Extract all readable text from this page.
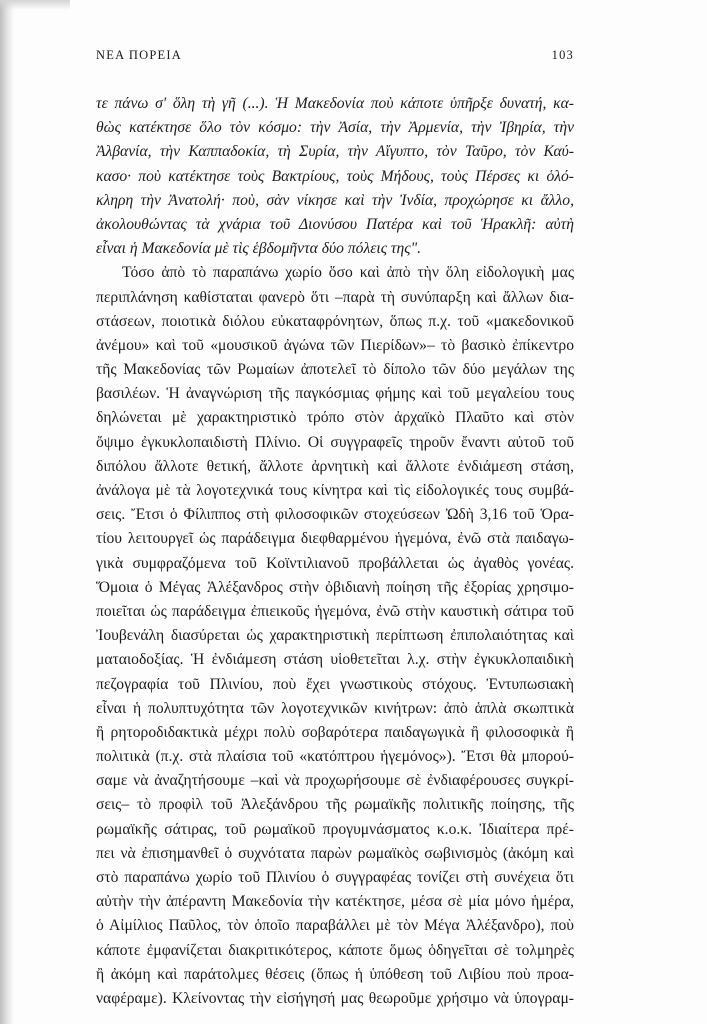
ΝΕΑ ΠΟΡΕΙΑ	103
τε πάνω σ' ὅλη τὴ γῆ (...). Ἡ Μακεδονία ποὺ κάποτε ὑπῆρξε δυνατή, κα-
θὼς κατέκτησε ὅλο τὸν κόσμο: τὴν Ἀσία, τὴν Ἀρμενία, τὴν Ἰβηρία, τὴν
Ἀλβανία, τὴν Καππαδοκία, τὴ Συρία, τὴν Αἴγυπτο, τὸν Ταῦρο, τὸν Καύ-
κασο· ποὺ κατέκτησε τοὺς Βακτρίους, τοὺς Μήδους, τοὺς Πέρσες κι ὁλό-
κληρη τὴν Ἀνατολή· ποὺ, σὰν νίκησε καὶ τὴν Ἰνδία, προχώρησε κι ἄλλο,
ἀκολουθώντας τὰ χνάρια τοῦ Διονύσου Πατέρα καὶ τοῦ Ἡρακλῆ: αὐτὴ
εἶναι ἡ Μακεδονία μὲ τὶς ἑβδομῆντα δύο πόλεις της".
Τόσο ἀπὸ τὸ παραπάνω χωρίο ὅσο καὶ ἀπὸ τὴν ὅλη εἰδολογικὴ μας
περιπλάνηση καθίσταται φανερὸ ὅτι –παρὰ τὴ συνύπαρξη καὶ ἄλλων δια-
στάσεων, ποιοτικὰ διόλου εὐκαταφρόνητων, ὅπως π.χ. τοῦ «μακεδονικοῦ
ἀνέμου» καὶ τοῦ «μουσικοῦ ἀγώνα τῶν Πιερίδων»– τὸ βασικὸ ἐπίκεντρο
τῆς Μακεδονίας τῶν Ρωμαίων ἀποτελεῖ τὸ δίπολο τῶν δύο μεγάλων της
βασιλέων. Ἡ ἀναγνώριση τῆς παγκόσμιας φήμης καὶ τοῦ μεγαλείου τους
δηλώνεται μὲ χαρακτηριστικὸ τρόπο στὸν ἀρχαϊκὸ Πλαῦτο καὶ στὸν
ὄψιμο ἐγκυκλοπαιδιστὴ Πλίνιο. Οἱ συγγραφεῖς τηροῦν ἔναντι αὐτοῦ τοῦ
διπόλου ἄλλοτε θετική, ἄλλοτε ἀρνητικὴ καὶ ἄλλοτε ἐνδιάμεση στάση,
ἀνάλογα μὲ τὰ λογοτεχνικά τους κίνητρα καὶ τὶς εἰδολογικές τους συμβά-
σεις. Ἔτσι ὁ Φίλιππος στὴ φιλοσοφικῶν στοχεύσεων Ὠδὴ 3,16 τοῦ Ὁρα-
τίου λειτουργεῖ ὡς παράδειγμα διεφθαρμένου ἡγεμόνα, ἐνῶ στὰ παιδαγω-
γικὰ συμφραζόμενα τοῦ Κοϊντιλιανοῦ προβάλλεται ὡς ἀγαθὸς γονέας.
Ὅμοια ὁ Μέγας Ἀλέξανδρος στὴν ὀβιδιανὴ ποίηση τῆς ἐξορίας χρησιμο-
ποιεῖται ὡς παράδειγμα ἐπιεικοῦς ἡγεμόνα, ἐνῶ στὴν καυστικὴ σάτιρα τοῦ
Ἰουβενάλη διασύρεται ὡς χαρακτηριστικὴ περίπτωση ἐπιπολαιότητας καὶ
ματαιοδοξίας. Ἡ ἐνδιάμεση στάση υἱοθετεῖται λ.χ. στὴν ἐγκυκλοπαιδικὴ
πεζογραφία τοῦ Πλινίου, ποὺ ἔχει γνωστικοὺς στόχους. Ἐντυπωσιακὴ
εἶναι ἡ πολυπτυχότητα τῶν λογοτεχνικῶν κινήτρων: ἀπὸ ἁπλὰ σκωπτικὰ
ἢ ρητοροδιδακτικὰ μέχρι πολὺ σοβαρότερα παιδαγωγικὰ ἢ φιλοσοφικὰ ἢ
πολιτικὰ (π.χ. στὰ πλαίσια τοῦ «κατόπτρου ἡγεμόνος»). Ἔτσι θὰ μπορού-
σαμε νὰ ἀναζητήσουμε –καὶ νὰ προχωρήσουμε σὲ ἐνδιαφέρουσες συγκρί-
σεις– τὸ προφὶλ τοῦ Ἀλεξάνδρου τῆς ρωμαϊκῆς πολιτικῆς ποίησης, τῆς
ρωμαϊκῆς σάτιρας, τοῦ ρωμαϊκοῦ προγυμνάσματος κ.ο.κ. Ἰδιαίτερα πρέ-
πει νὰ ἐπισημανθεῖ ὁ συχνότατα παρὼν ρωμαϊκὸς σωβινισμὸς (ἀκόμη καὶ
στὸ παραπάνω χωρίο τοῦ Πλινίου ὁ συγγραφέας τονίζει στὴ συνέχεια ὅτι
αὐτὴν τὴν ἀπέραντη Μακεδονία τὴν κατέκτησε, μέσα σὲ μία μόνο ἡμέρα,
ὁ Αἰμίλιος Παῦλος, τὸν ὁποῖο παραβάλλει μὲ τὸν Μέγα Ἀλέξανδρο), ποὺ
κάποτε ἐμφανίζεται διακριτικότερος, κάποτε ὅμως ὁδηγεῖται σὲ τολμηρὲς
ἢ ἀκόμη καὶ παράτολμες θέσεις (ὅπως ἡ ὑπόθεση τοῦ Λιβίου ποὺ προα-
ναφέραμε). Κλείνοντας τὴν εἰσήγησή μας θεωροῦμε χρήσιμο νὰ ὑπογραμ-
